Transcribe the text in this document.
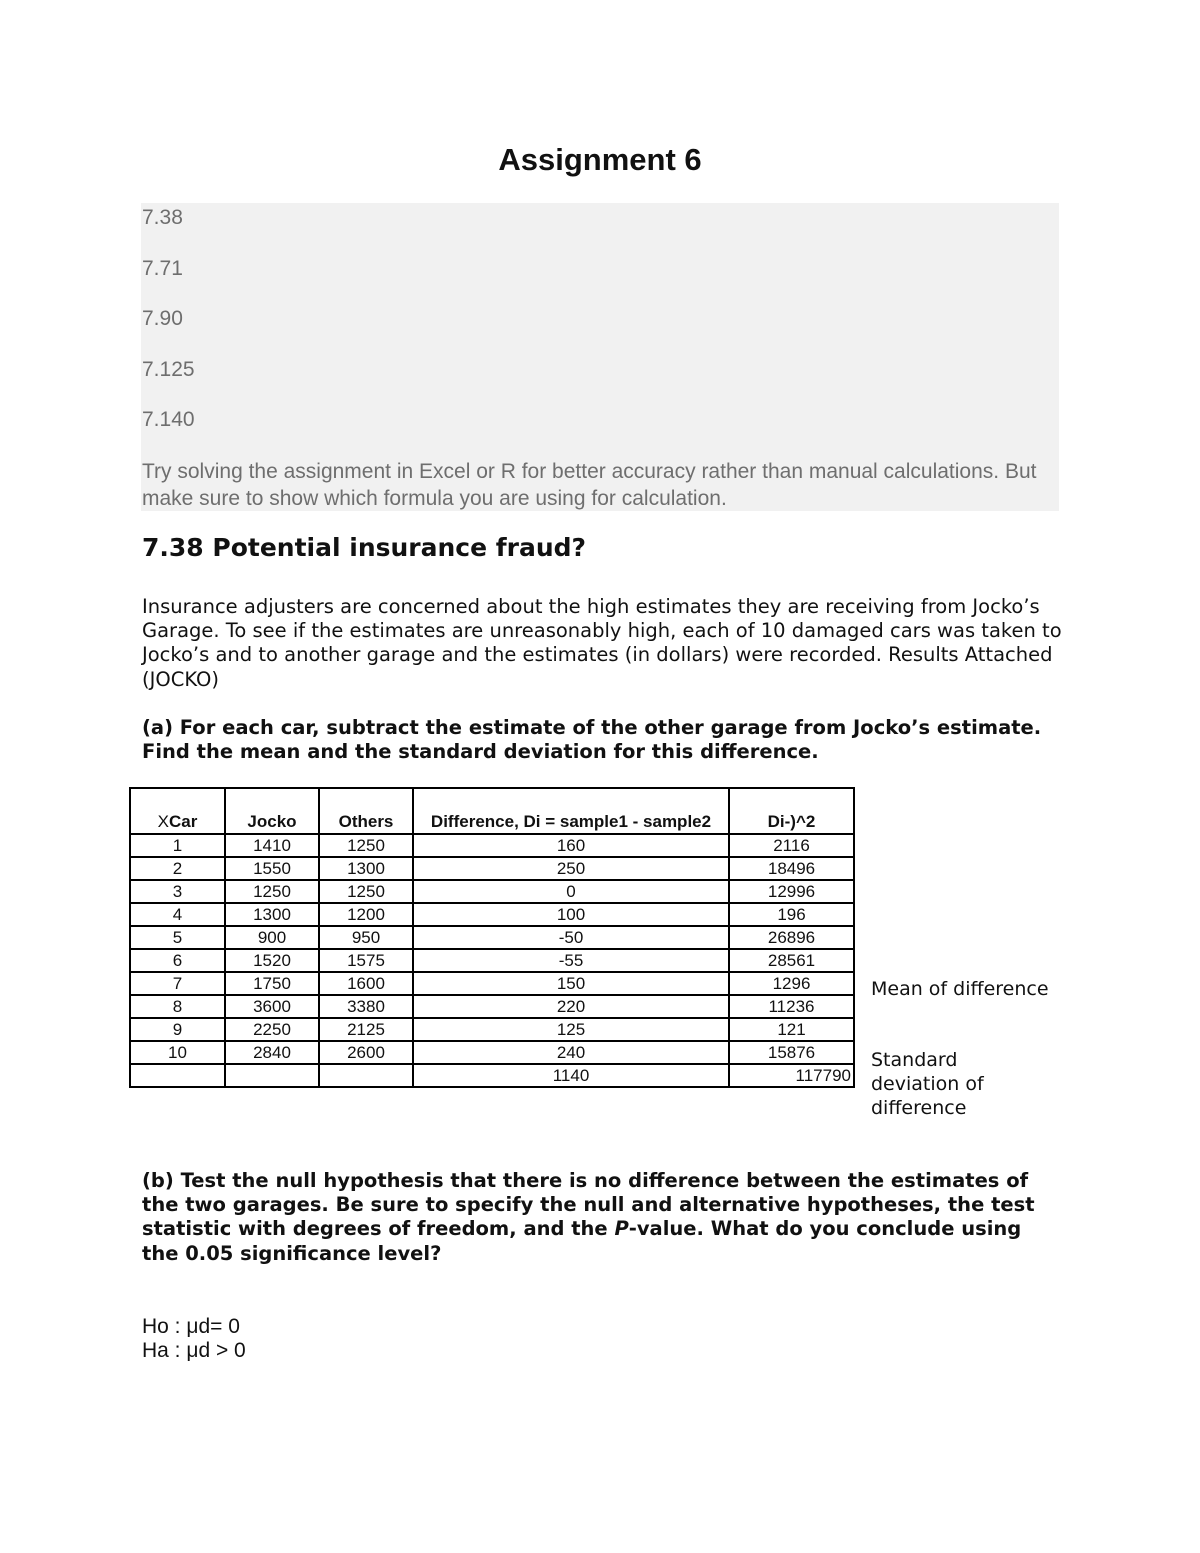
Assignment 6
7.38
7.71
7.90
7.125
7.140
Try solving the assignment in Excel or R for better accuracy rather than manual calculations. But make sure to show which formula you are using for calculation.
7.38 Potential insurance fraud?
Insurance adjusters are concerned about the high estimates they are receiving from Jocko’s Garage. To see if the estimates are unreasonably high, each of 10 damaged cars was taken to Jocko’s and to another garage and the estimates (in dollars) were recorded. Results Attached (JOCKO)
(a) For each car, subtract the estimate of the other garage from Jocko’s estimate. Find the mean and the standard deviation for this difference.
XCar	Jocko	Others	Difference, Di = sample1 - sample2	Di-)^2
1	1410	1250	160	2116
2	1550	1300	250	18496
3	1250	1250	0	12996
4	1300	1200	100	196
5	900	950	-50	26896
6	1520	1575	-55	28561
7	1750	1600	150	1296
8	3600	3380	220	11236
9	2250	2125	125	121
10	2840	2600	240	15876
			1140	117790
Mean of difference
Standard deviation of difference
(b) Test the null hypothesis that there is no difference between the estimates of the two garages. Be sure to specify the null and alternative hypotheses, the test statistic with degrees of freedom, and the P-value. What do you conclude using the 0.05 significance level?
Ho : μd= 0
Ha : μd > 0
